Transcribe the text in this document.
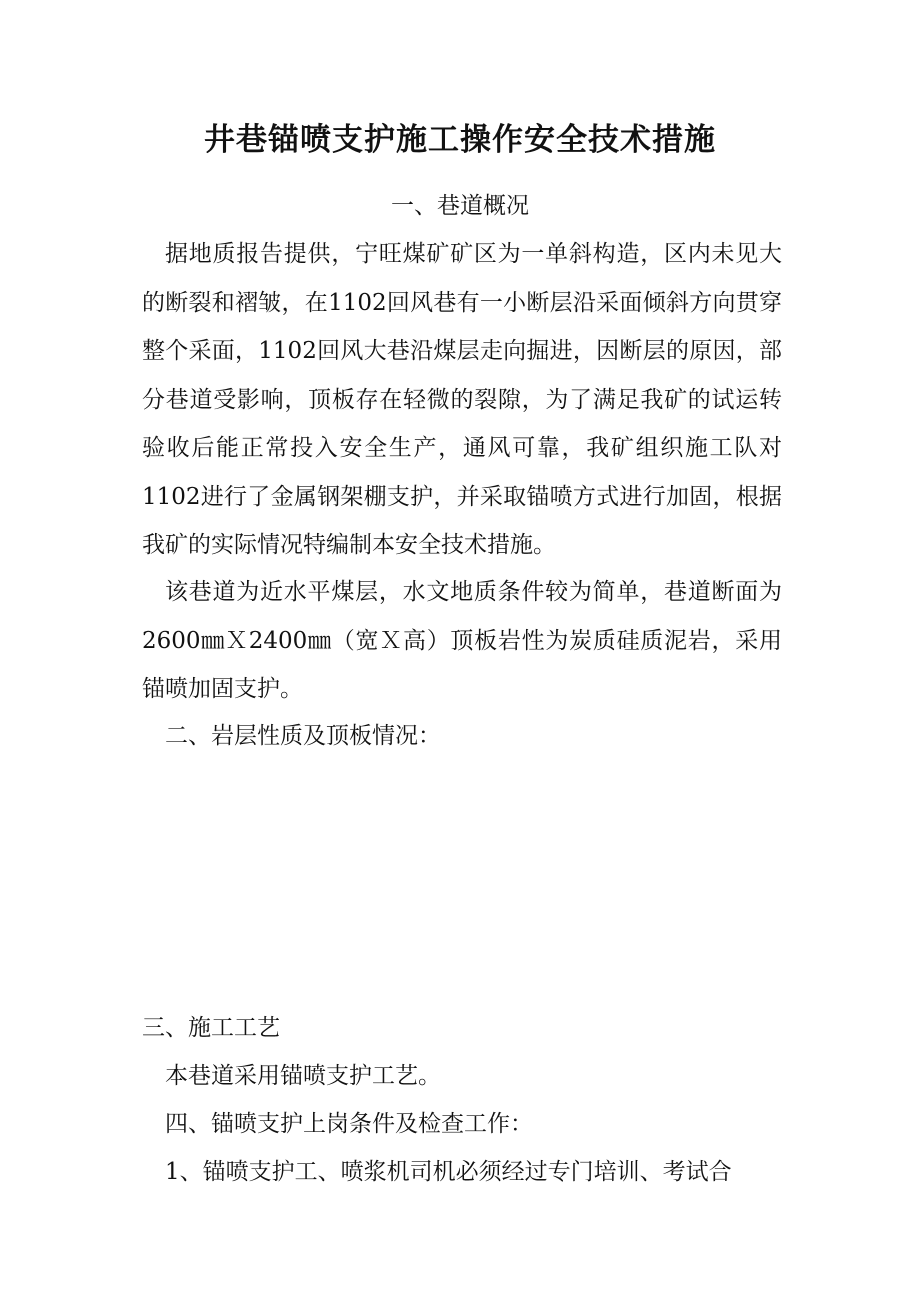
井巷锚喷支护施工操作安全技术措施
一、巷道概况

据地质报告提供，宁旺煤矿矿区为一单斜构造，区内未见大的断裂和褶皱，在1102回风巷有一小断层沿采面倾斜方向贯穿整个采面，1102回风大巷沿煤层走向掘进，因断层的原因，部分巷道受影响，顶板存在轻微的裂隙，为了满足我矿的试运转验收后能正常投入安全生产，通风可靠，我矿组织施工队对1102进行了金属钢架棚支护，并采取锚喷方式进行加固，根据我矿的实际情况特编制本安全技术措施。

该巷道为近水平煤层，水文地质条件较为简单，巷道断面为2600㎜Ｘ2400㎜（宽Ｘ高）顶板岩性为炭质硅质泥岩，采用锚喷加固支护。

二、岩层性质及顶板情况：

三、施工工艺

本巷道采用锚喷支护工艺。

四、锚喷支护上岗条件及检查工作：

1、锚喷支护工、喷浆机司机必须经过专门培训、考试合
